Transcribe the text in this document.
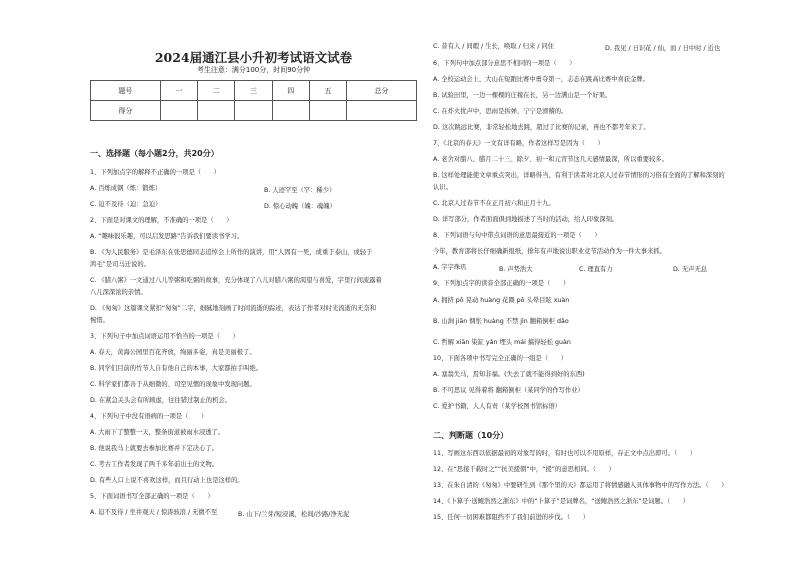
2024届通江县小升初考试语文试卷
考生注意：满分100分，时间90分钟
题号	一	二	三	四	五	总分
得分						
一、选择题（每小题2分，共20分）
1、下列加点字的解释不正确的一项是（　　）
A. 百炼成钢（炼：锻炼）	B. 人迹罕至（罕：稀少）
C. 迫不及待（迫：急迫）	D. 惊心动魄（魄：魂魄）
2、下面是对课文的理解，不准确的一项是（　　）
A. “趣味很乐趣，可以启发思路”告诉我们要读书学习。
B. 《为人民服务》是毛泽东在张思德同志追悼会上所作的演讲，用“人固有一死，或重于泰山，或轻于
鸿毛”是司马迁说的。
C. 《腊八粥》一文通过八儿等粥和吃粥的故事，充分体现了八儿对腊八粥的渴望与喜爱，字里行间流露着
八儿深深浓的亲情。
D. 《匆匆》这篇课文紧扣“匆匆”二字，细腻地刻画了时间流逝的踪迹，表达了作者对时光流逝的无奈和
惋惜。
3、下列句子中加点词语运用不恰当的一项是（　　）
A. 春天，黄海公园里百花齐放，绚丽多姿，真是美丽极了。
B. 同学们目前的竹节人自有他自己的本事，大家都拍手叫绝。
C. 科学家们都善于从细微的、司空见惯的现象中发现问题。
D. 在紧急关头会有所顾虑，往往错过制止的机会。
4、下列句子中没有语病的一项是（　　）
A. 大雨下了整整一天，整条街道被雨水浸透了。
B. 他说我马上就要去参加比赛并下定决心了。
C. 考古工作者发现了两千多年前出土的文物。
D. 有些人口上说不喜欢这样，而且行动上也是这样的。
5、下面词语书写全部正确的一项是（　　）
A. 迫不及待 / 坐井观天 / 惊涛骇浪 / 无微不至	B. 山下/兰芽/短浸溪，松间/沙路/净无泥
C. 昔有人 / 间暇 / 生长，唤取 / 归来 / 同住	D. 我见 / 日识花 / 仙，而 / 日中时 / 近也
6、下列句中加点部分意思不相同的一项是（　　）
A. 全校运动会上，大山在短跑比赛中勇夺第一，志态在跳高比赛中喜获金牌。
B. 试验田里，一边一棵棵的庄稼在长，另一边满山是一个好果。
C. 在炸火扰声中，思雨是拆弹，宁宁是滑稽的。
D. 这次跳远比赛，非常轻松地去跳，超过了比赛的记录，再也不都考年来了。
7、《北京的春天》一文有详有略，作者这样写是因为（　　）
A. 老舍对腊八、腊月二十三、除夕、初一和元宵节这几天感情最深，所以重要较多。
B. 这样处理能使文章重点突出，详略得当，有利于读者对北京人过春节情形的习俗有全面的了解和深刻的
认识。
C. 北京人过春节不在正月初六和正月十九。
D. 详写部分，作者面面俱到地描述了当时的活动，给人印象深刻。
8、下列词语与句中带点词语的意思最接近的一项是（　　）
今年，教育部将长仔细确新报纸，排年有声地说出职业竞节活动作为一件大事来抓。
A. 字字珠玑	B. 声势浩大	C. 理直有力	D. 无声无息
9、下列加点字的读音全部正确的一项是（　　）
A. 拥挤 pō 晃动 huàng 花圈 pō 头晕目眩 xuàn
B. 山涧 jiān 惆怅 huàng 不禁 jìn 翻箱倒柜 dǎo
C. 哲解 xiān 染缸 yǎn 埋头 mái 搞得轻松 guàn
10、下面各项中书写完全正确的一组是（　　）
A. 塞翁失马，焉知非福。(失去了就不能得到好的东西)
B. 不可思议 见得着将 翻箱倒柜（某同学的作写作业）
C. 爱护书籍，人人有责（某学校图书馆标语）
二、判断题（10分）
11、写画这东西以依据最初的对象写的时，有时也可以不用原样，存正文中点出即可。（　　）
12、在“思接千载时之”“抗美援朝”中，“援”的意思相同。（　　）
13、在朱自清的《匆匆》中要研生到《那个里的天》都运用了将情感融入具体事物中的写作方法。（　　）
14、《卜算子·送鲍浩然之浙东》中的“卜算子”是词牌名，“送鲍浩然之浙东”是词题。（　　）
15、任何一切困难都阻挡不了我们前进的步伐。（　　）
